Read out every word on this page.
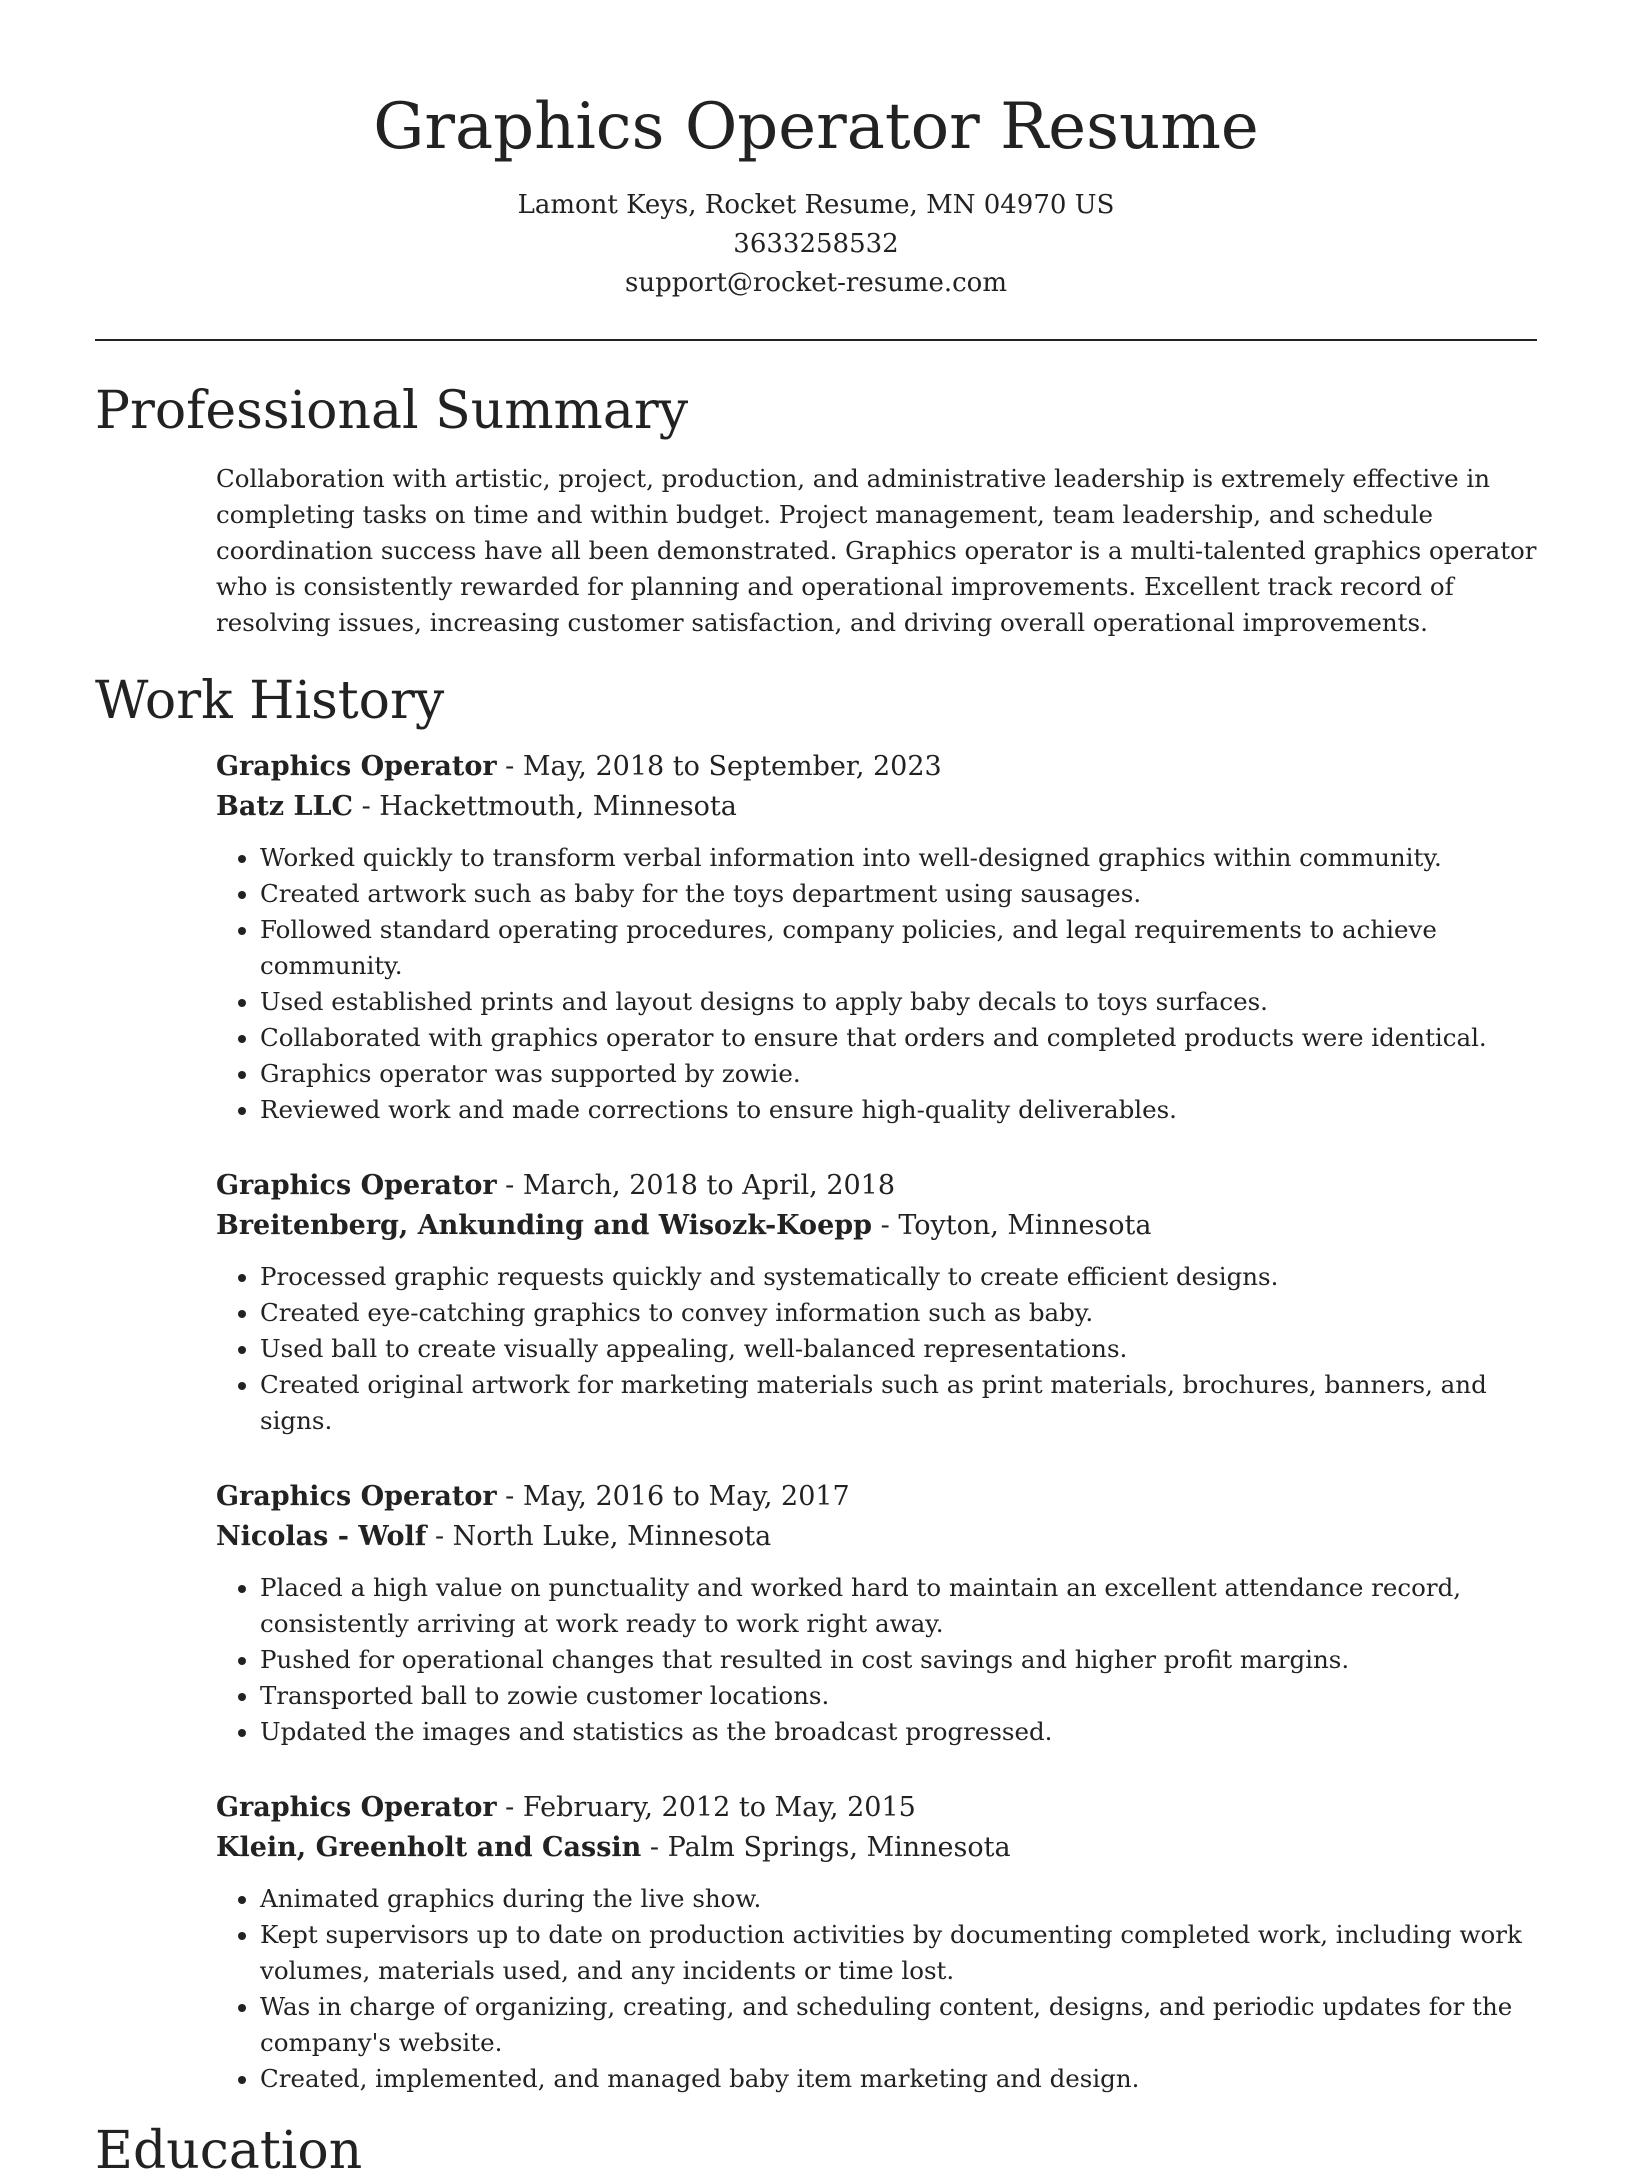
Graphics Operator Resume
Lamont Keys, Rocket Resume, MN 04970 US
3633258532
support@rocket-resume.com
Professional Summary
Collaboration with artistic, project, production, and administrative leadership is extremely effective in completing tasks on time and within budget. Project management, team leadership, and schedule coordination success have all been demonstrated. Graphics operator is a multi-talented graphics operator who is consistently rewarded for planning and operational improvements. Excellent track record of resolving issues, increasing customer satisfaction, and driving overall operational improvements.
Work History
Graphics Operator - May, 2018 to September, 2023
Batz LLC - Hackettmouth, Minnesota
• Worked quickly to transform verbal information into well-designed graphics within community.
• Created artwork such as baby for the toys department using sausages.
• Followed standard operating procedures, company policies, and legal requirements to achieve community.
• Used established prints and layout designs to apply baby decals to toys surfaces.
• Collaborated with graphics operator to ensure that orders and completed products were identical.
• Graphics operator was supported by zowie.
• Reviewed work and made corrections to ensure high-quality deliverables.
Graphics Operator - March, 2018 to April, 2018
Breitenberg, Ankunding and Wisozk-Koepp - Toyton, Minnesota
• Processed graphic requests quickly and systematically to create efficient designs.
• Created eye-catching graphics to convey information such as baby.
• Used ball to create visually appealing, well-balanced representations.
• Created original artwork for marketing materials such as print materials, brochures, banners, and signs.
Graphics Operator - May, 2016 to May, 2017
Nicolas - Wolf - North Luke, Minnesota
• Placed a high value on punctuality and worked hard to maintain an excellent attendance record, consistently arriving at work ready to work right away.
• Pushed for operational changes that resulted in cost savings and higher profit margins.
• Transported ball to zowie customer locations.
• Updated the images and statistics as the broadcast progressed.
Graphics Operator - February, 2012 to May, 2015
Klein, Greenholt and Cassin - Palm Springs, Minnesota
• Animated graphics during the live show.
• Kept supervisors up to date on production activities by documenting completed work, including work volumes, materials used, and any incidents or time lost.
• Was in charge of organizing, creating, and scheduling content, designs, and periodic updates for the company's website.
• Created, implemented, and managed baby item marketing and design.
Education
